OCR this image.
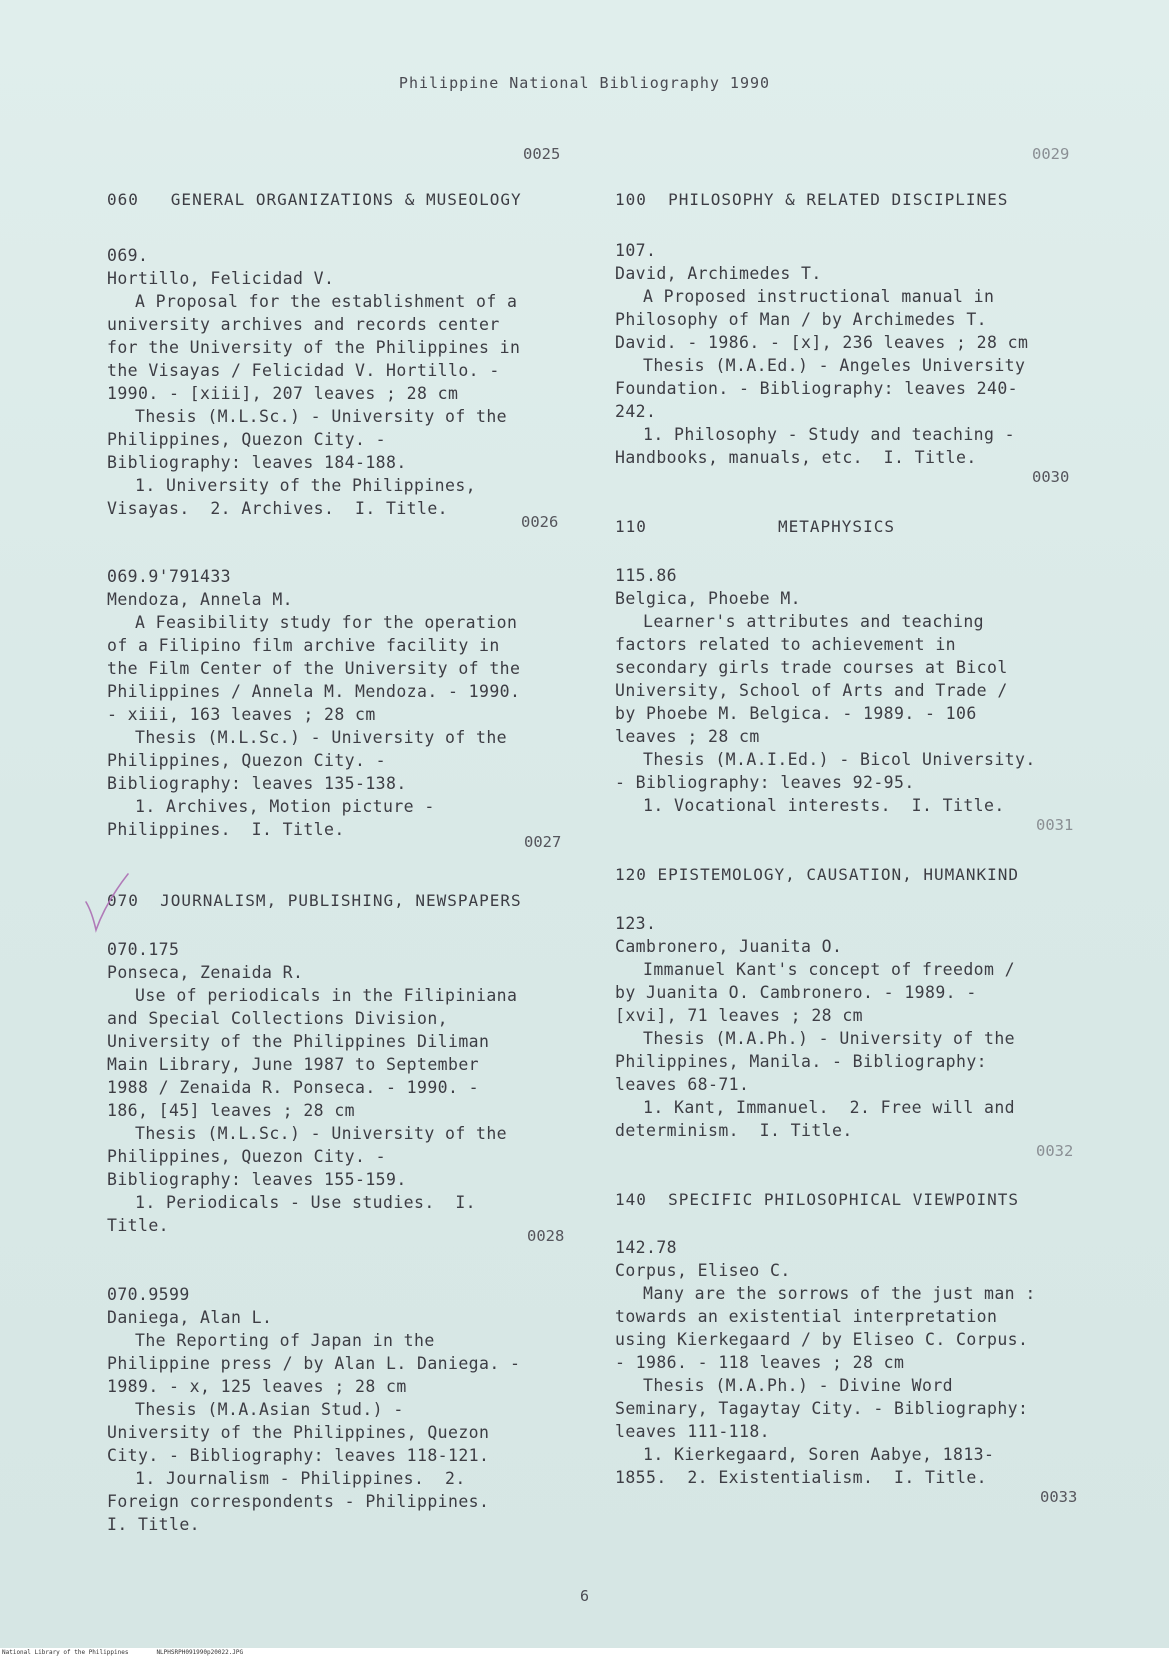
Philippine National Bibliography 1990
0025	0029
060   GENERAL ORGANIZATIONS & MUSEOLOGY
069.
Hortillo, Felicidad V.
A Proposal for the establishment of a
university archives and records center
for the University of the Philippines in
the Visayas / Felicidad V. Hortillo. -
1990. - [xiii], 207 leaves ; 28 cm
Thesis (M.L.Sc.) - University of the
Philippines, Quezon City. -
Bibliography: leaves 184-188.
1. University of the Philippines,
Visayas.  2. Archives.  I. Title.
069.9'791433
Mendoza, Annela M.
A Feasibility study for the operation
of a Filipino film archive facility in
the Film Center of the University of the
Philippines / Annela M. Mendoza. - 1990.
- xiii, 163 leaves ; 28 cm
Thesis (M.L.Sc.) - University of the
Philippines, Quezon City. -
Bibliography: leaves 135-138.
1. Archives, Motion picture -
Philippines.  I. Title.
070  JOURNALISM, PUBLISHING, NEWSPAPERS
070.175
Ponseca, Zenaida R.
Use of periodicals in the Filipiniana
and Special Collections Division,
University of the Philippines Diliman
Main Library, June 1987 to September
1988 / Zenaida R. Ponseca. - 1990. -
186, [45] leaves ; 28 cm
Thesis (M.L.Sc.) - University of the
Philippines, Quezon City. -
Bibliography: leaves 155-159.
1. Periodicals - Use studies.  I.
Title.
070.9599
Daniega, Alan L.
The Reporting of Japan in the
Philippine press / by Alan L. Daniega. -
1989. - x, 125 leaves ; 28 cm
Thesis (M.A.Asian Stud.) -
University of the Philippines, Quezon
City. - Bibliography: leaves 118-121.
1. Journalism - Philippines.  2.
Foreign correspondents - Philippines.
I. Title.
0026
0027
0028
100  PHILOSOPHY & RELATED DISCIPLINES
107.
David, Archimedes T.
A Proposed instructional manual in
Philosophy of Man / by Archimedes T.
David. - 1986. - [x], 236 leaves ; 28 cm
Thesis (M.A.Ed.) - Angeles University
Foundation. - Bibliography: leaves 240-
242.
1. Philosophy - Study and teaching -
Handbooks, manuals, etc.  I. Title.
110	METAPHYSICS
115.86
Belgica, Phoebe M.
Learner's attributes and teaching
factors related to achievement in
secondary girls trade courses at Bicol
University, School of Arts and Trade /
by Phoebe M. Belgica. - 1989. - 106
leaves ; 28 cm
Thesis (M.A.I.Ed.) - Bicol University.
- Bibliography: leaves 92-95.
1. Vocational interests.  I. Title.
120 EPISTEMOLOGY, CAUSATION, HUMANKIND
123.
Cambronero, Juanita O.
Immanuel Kant's concept of freedom /
by Juanita O. Cambronero. - 1989. -
[xvi], 71 leaves ; 28 cm
Thesis (M.A.Ph.) - University of the
Philippines, Manila. - Bibliography:
leaves 68-71.
1. Kant, Immanuel.  2. Free will and
determinism.  I. Title.
140  SPECIFIC PHILOSOPHICAL VIEWPOINTS
142.78
Corpus, Eliseo C.
Many are the sorrows of the just man :
towards an existential interpretation
using Kierkegaard / by Eliseo C. Corpus.
- 1986. - 118 leaves ; 28 cm
Thesis (M.A.Ph.) - Divine Word
Seminary, Tagaytay City. - Bibliography:
leaves 111-118.
1. Kierkegaard, Soren Aabye, 1813-
1855.  2. Existentialism.  I. Title.
0030
0031
0032
0033
6
National Library of the Philippines	NLPHSRPH091990p20022.JPG
